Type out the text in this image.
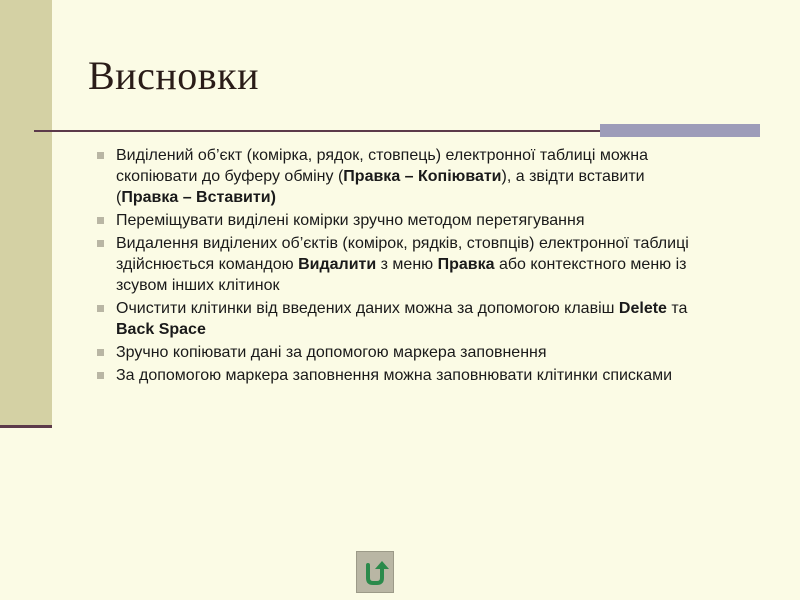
Висновки
Виділений об’єкт (комірка, рядок, стовпець) електронної таблиці можна скопіювати до буферу обміну (Правка – Копіювати), а звідти вставити (Правка – Вставити)
Переміщувати виділені комірки зручно методом перетягування
Видалення виділених об’єктів (комірок, рядків, стовпців) електронної таблиці здійснюється командою Видалити з меню Правка або контекстного меню із зсувом інших клітинок
Очистити клітинки від введених даних можна за допомогою клавіш Delete та Back Space
Зручно копіювати дані за допомогою маркера заповнення
За допомогою маркера заповнення можна заповнювати клітинки списками
